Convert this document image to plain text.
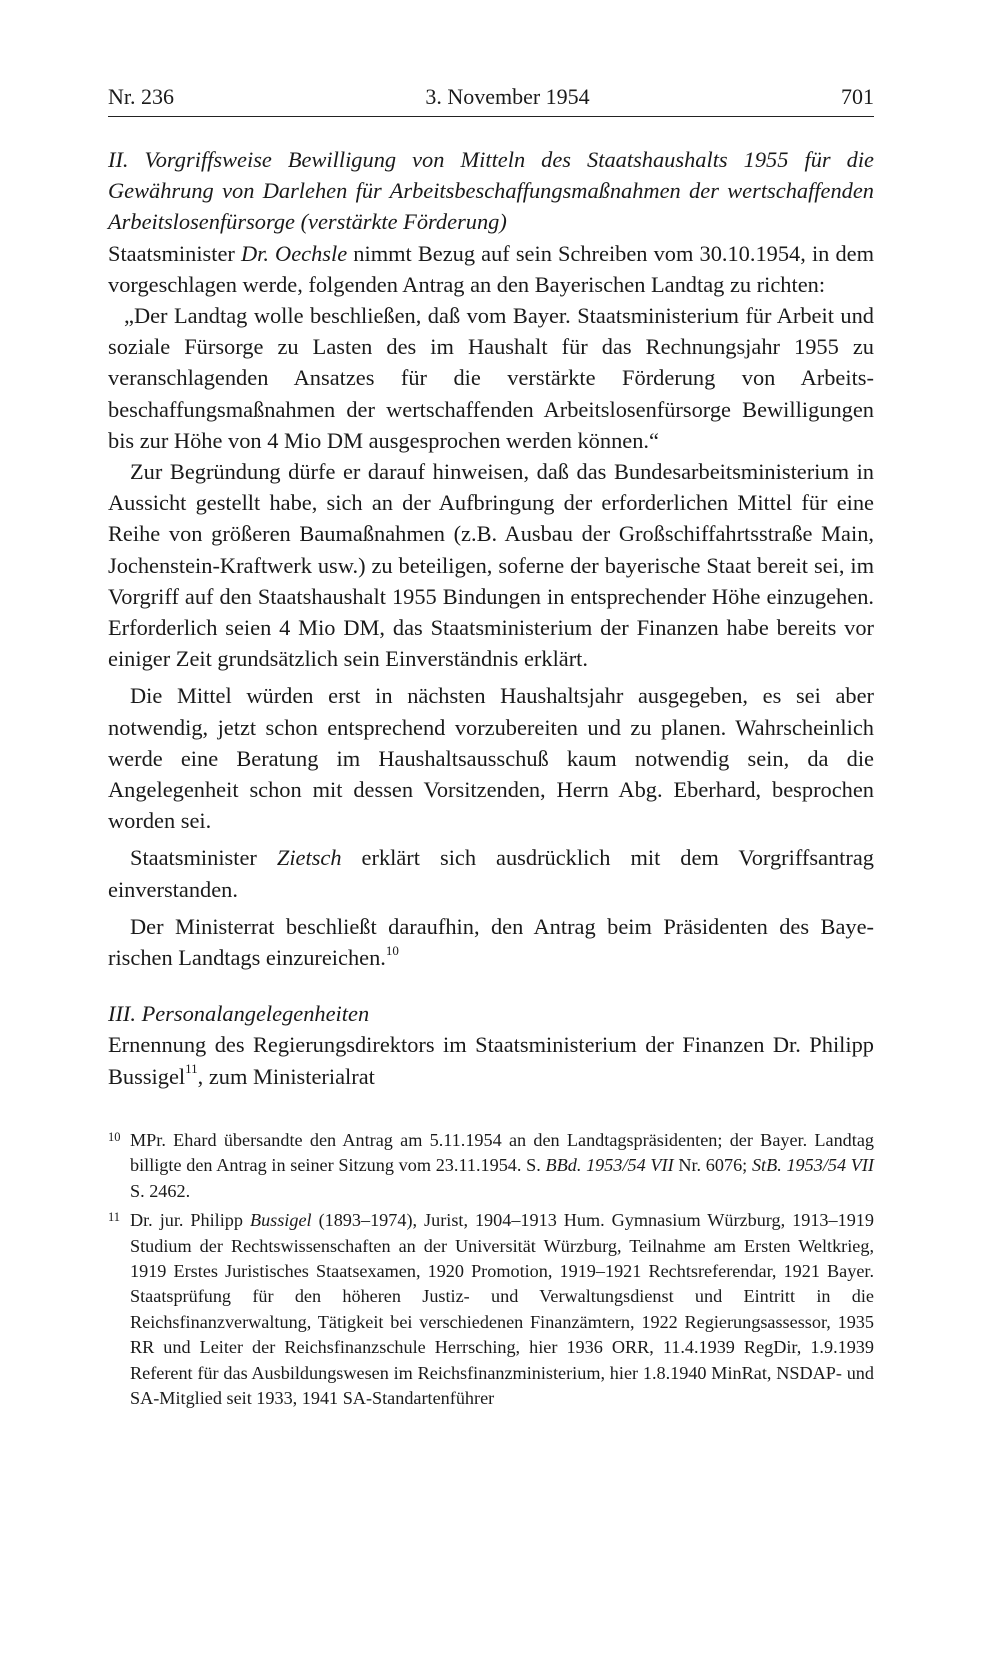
Nr. 236	3. November 1954	701

II. Vorgriffsweise Bewilligung von Mitteln des Staatshaushalts 1955 für die Gewährung von Darlehen für Arbeitsbeschaffungsmaßnahmen der wertschaffenden Arbeitslosenfürsorge (verstärkte Förderung)

Staatsminister Dr. Oechsle nimmt Bezug auf sein Schreiben vom 30.10.1954, in dem vorgeschlagen werde, folgenden Antrag an den Bayerischen Landtag zu richten:

„Der Landtag wolle beschließen, daß vom Bayer. Staatsministerium für Arbeit und soziale Fürsorge zu Lasten des im Haushalt für das Rechnungsjahr 1955 zu veranschlagenden Ansatzes für die verstärkte Förderung von Arbeitsbeschaffungsmaßnahmen der wertschaffenden Arbeitslosenfürsorge Bewilligungen bis zur Höhe von 4 Mio DM ausgesprochen werden können.“

Zur Begründung dürfe er darauf hinweisen, daß das Bundesarbeitsministerium in Aussicht gestellt habe, sich an der Aufbringung der erforderlichen Mittel für eine Reihe von größeren Baumaßnahmen (z.B. Ausbau der Großschiffahrtsstraße Main, Jochenstein-Kraftwerk usw.) zu beteiligen, soferne der bayerische Staat bereit sei, im Vorgriff auf den Staatshaushalt 1955 Bindungen in entsprechender Höhe einzugehen. Erforderlich seien 4 Mio DM, das Staatsministerium der Finanzen habe bereits vor einiger Zeit grundsätzlich sein Einverständnis erklärt.

Die Mittel würden erst in nächsten Haushaltsjahr ausgegeben, es sei aber notwendig, jetzt schon entsprechend vorzubereiten und zu planen. Wahrscheinlich werde eine Beratung im Haushaltsausschuß kaum notwendig sein, da die Angelegenheit schon mit dessen Vorsitzenden, Herrn Abg. Eberhard, besprochen worden sei.

Staatsminister Zietsch erklärt sich ausdrücklich mit dem Vorgriffsantrag einverstanden.

Der Ministerrat beschließt daraufhin, den Antrag beim Präsidenten des Bayerischen Landtags einzureichen.$^{10}$

III. Personalangelegenheiten

Ernennung des Regierungsdirektors im Staatsministerium der Finanzen Dr. Philipp Bussigel$^{11}$, zum Ministerialrat

10 MPr. Ehard übersandte den Antrag am 5.11.1954 an den Landtagspräsidenten; der Bayer. Landtag billigte den Antrag in seiner Sitzung vom 23.11.1954. S. BBd. 1953/54 VII Nr. 6076; StB. 1953/54 VII S. 2462.
11 Dr. jur. Philipp Bussigel (1893–1974), Jurist, 1904–1913 Hum. Gymnasium Würzburg, 1913–1919 Studium der Rechtswissenschaften an der Universität Würzburg, Teilnahme am Ersten Weltkrieg, 1919 Erstes Juristisches Staatsexamen, 1920 Promotion, 1919–1921 Rechtsreferendar, 1921 Bayer. Staatsprüfung für den höheren Justiz- und Verwaltungsdienst und Eintritt in die Reichsfinanzverwaltung, Tätigkeit bei verschiedenen Finanzämtern, 1922 Regierungsassessor, 1935 RR und Leiter der Reichsfinanzschule Herrsching, hier 1936 ORR, 11.4.1939 RegDir, 1.9.1939 Referent für das Ausbildungswesen im Reichsfinanzministerium, hier 1.8.1940 MinRat, NSDAP- und SA-Mitglied seit 1933, 1941 SA-Standartenführer
